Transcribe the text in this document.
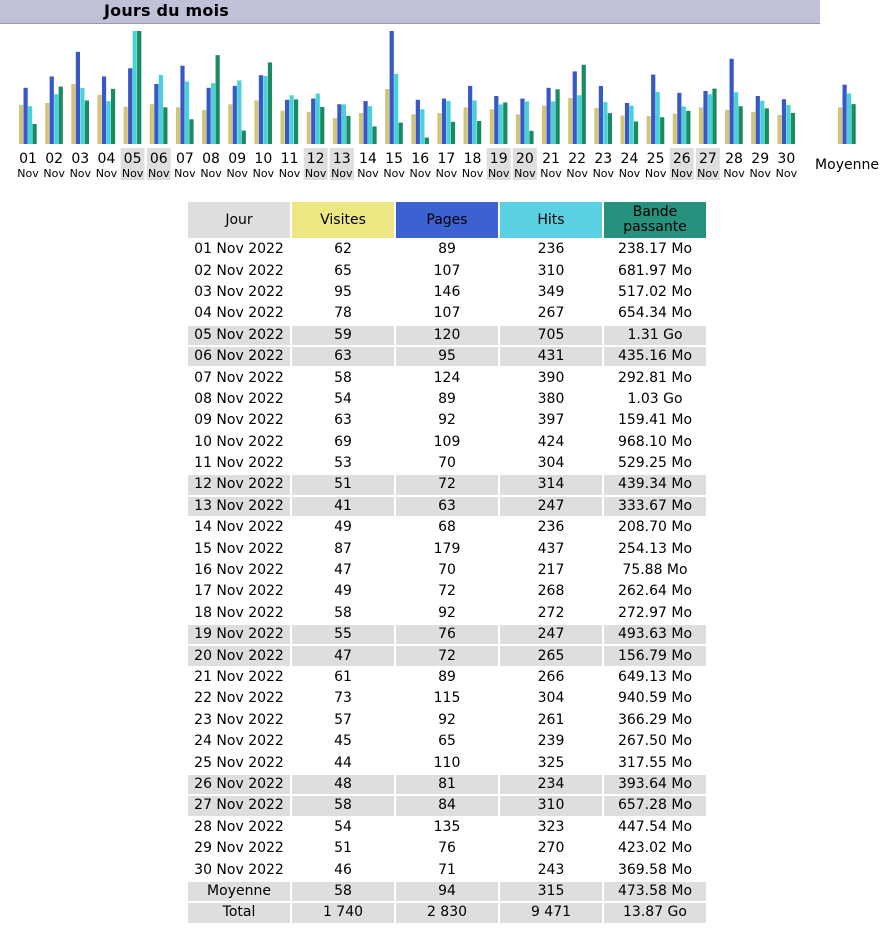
Jours du mois
01
Nov
02
Nov
03
Nov
04
Nov
05
Nov
06
Nov
07
Nov
08
Nov
09
Nov
10
Nov
11
Nov
12
Nov
13
Nov
14
Nov
15
Nov
16
Nov
17
Nov
18
Nov
19
Nov
20
Nov
21
Nov
22
Nov
23
Nov
24
Nov
25
Nov
26
Nov
27
Nov
28
Nov
29
Nov
30
Nov
Moyenne
Jour	Visites	Pages	Hits	Bande passante
01 Nov 2022	62	89	236	238.17 Mo
02 Nov 2022	65	107	310	681.97 Mo
03 Nov 2022	95	146	349	517.02 Mo
04 Nov 2022	78	107	267	654.34 Mo
05 Nov 2022	59	120	705	1.31 Go
06 Nov 2022	63	95	431	435.16 Mo
07 Nov 2022	58	124	390	292.81 Mo
08 Nov 2022	54	89	380	1.03 Go
09 Nov 2022	63	92	397	159.41 Mo
10 Nov 2022	69	109	424	968.10 Mo
11 Nov 2022	53	70	304	529.25 Mo
12 Nov 2022	51	72	314	439.34 Mo
13 Nov 2022	41	63	247	333.67 Mo
14 Nov 2022	49	68	236	208.70 Mo
15 Nov 2022	87	179	437	254.13 Mo
16 Nov 2022	47	70	217	75.88 Mo
17 Nov 2022	49	72	268	262.64 Mo
18 Nov 2022	58	92	272	272.97 Mo
19 Nov 2022	55	76	247	493.63 Mo
20 Nov 2022	47	72	265	156.79 Mo
21 Nov 2022	61	89	266	649.13 Mo
22 Nov 2022	73	115	304	940.59 Mo
23 Nov 2022	57	92	261	366.29 Mo
24 Nov 2022	45	65	239	267.50 Mo
25 Nov 2022	44	110	325	317.55 Mo
26 Nov 2022	48	81	234	393.64 Mo
27 Nov 2022	58	84	310	657.28 Mo
28 Nov 2022	54	135	323	447.54 Mo
29 Nov 2022	51	76	270	423.02 Mo
30 Nov 2022	46	71	243	369.58 Mo
Moyenne	58	94	315	473.58 Mo
Total	1 740	2 830	9 471	13.87 Go
